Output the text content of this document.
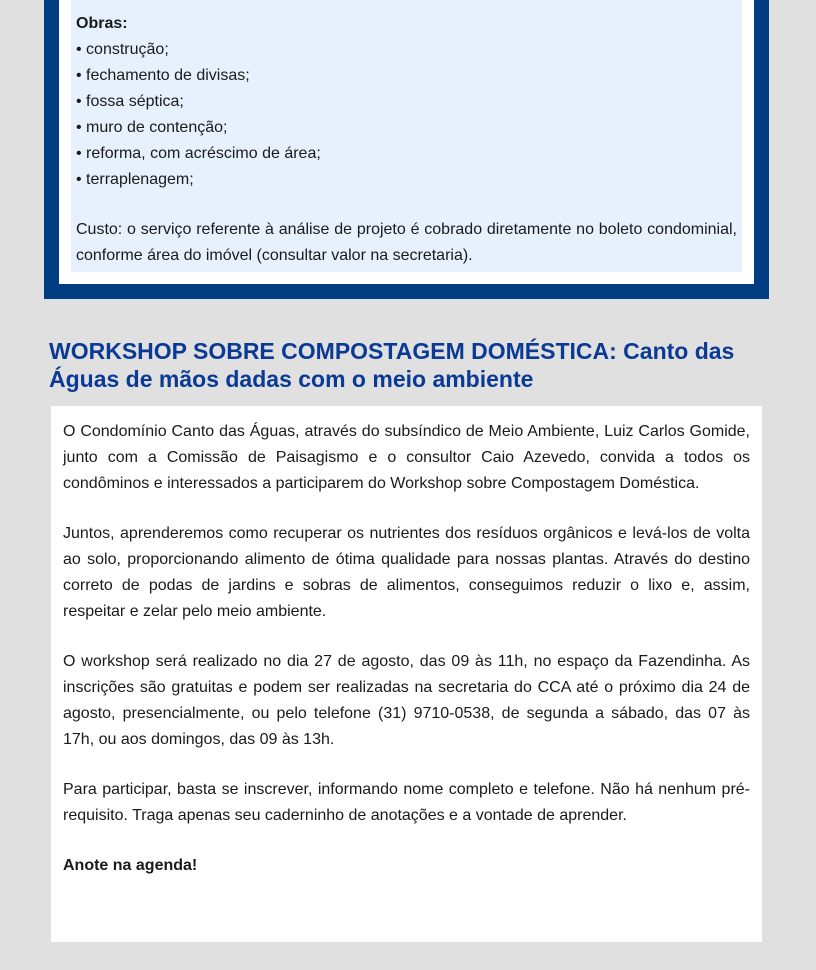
Obras:
• construção;
• fechamento de divisas;
• fossa séptica;
• muro de contenção;
• reforma, com acréscimo de área;
• terraplenagem;
Custo: o serviço referente à análise de projeto é cobrado diretamente no boleto condominial, conforme área do imóvel (consultar valor na secretaria).
WORKSHOP SOBRE COMPOSTAGEM DOMÉSTICA: Canto das Águas de mãos dadas com o meio ambiente

O Condomínio Canto das Águas, através do subsíndico de Meio Ambiente, Luiz Carlos Gomide, junto com a Comissão de Paisagismo e o consultor Caio Azevedo, convida a todos os condôminos e interessados a participarem do Workshop sobre Compostagem Doméstica.

Juntos, aprenderemos como recuperar os nutrientes dos resíduos orgânicos e levá-los de volta ao solo, proporcionando alimento de ótima qualidade para nossas plantas. Através do destino correto de podas de jardins e sobras de alimentos, conseguimos reduzir o lixo e, assim, respeitar e zelar pelo meio ambiente.

O workshop será realizado no dia 27 de agosto, das 09 às 11h, no espaço da Fazendinha. As inscrições são gratuitas e podem ser realizadas na secretaria do CCA até o próximo dia 24 de agosto, presencialmente, ou pelo telefone (31) 9710-0538, de segunda a sábado, das 07 às 17h, ou aos domingos, das 09 às 13h.

Para participar, basta se inscrever, informando nome completo e telefone. Não há nenhum pré-requisito. Traga apenas seu caderninho de anotações e a vontade de aprender.

Anote na agenda!
